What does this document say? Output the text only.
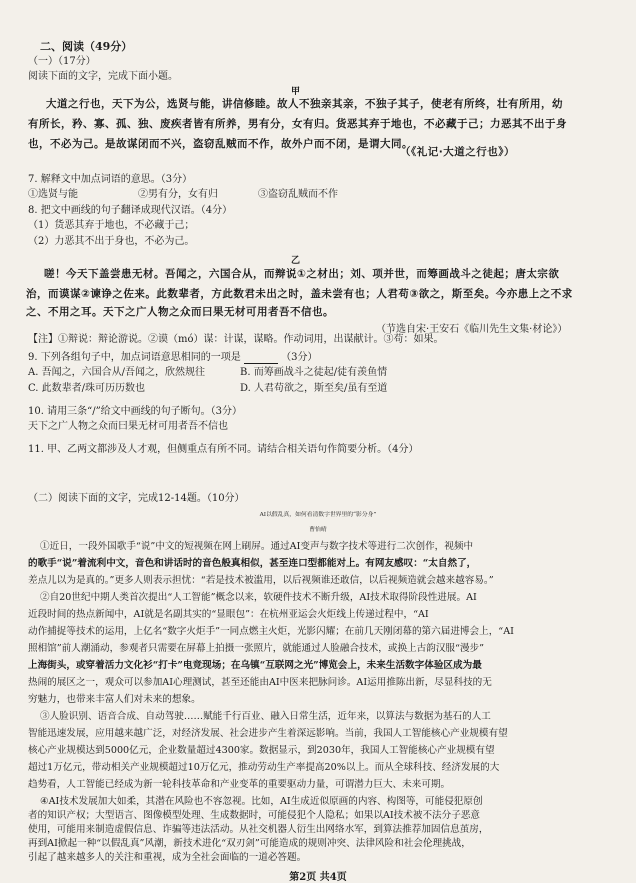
二、阅读（49分）
（一）（17分）
阅读下面的文字，完成下面小题。
甲
大道之行也，天下为公，选贤与能，讲信修睦。故人不独亲其亲，不独子其子，使老有所终，壮有所用，幼
有所长，矜、寡、孤、独、废疾者皆有所养，男有分，女有归。货恶其弃于地也，不必藏于己；力恶其不出于身
也，不必为己。是故谋闭而不兴，盗窃乱贼而不作，故外户而不闭，是谓大同。
（《礼记·大道之行也》）
7. 解释文中加点词语的意思。（3分）
①选贤与能	②男有分，女有归	③盗窃乱贼而不作
8. 把文中画线的句子翻译成现代汉语。（4分）
（1）货恶其弃于地也，不必藏于己；
（2）力恶其不出于身也，不必为己。
乙
嗟！今天下盖尝患无材。吾闻之，六国合从，而辩说①之材出；刘、项并世，而筹画战斗之徒起；唐太宗欲
治，而谟谋②谏诤之佐来。此数辈者，方此数君未出之时，盖未尝有也；人君苟③欲之，斯至矣。今亦患上之不求
之、不用之耳。天下之广人物之众而曰果无材可用者吾不信也。
（节选自宋·王安石《临川先生文集·材论》）
【注】①辩说：辩论游说。②谟（mó）谋：计谋，谋略。作动词用，出谋献计。③苟：如果。
9. 下列各组句子中，加点词语意思相同的一项是	（3分）
A. 吾闻之，六国合从/吾闻之，欣然规往	B. 而筹画战斗之徒起/徒有羡鱼情
C. 此数辈者/珠可历历数也	D. 人君苟欲之，斯至矣/虽有至道
10. 请用三条“/”给文中画线的句子断句。（3分）
天下之广人物之众而曰果无材可用者吾不信也
11. 甲、乙两文都涉及人才观，但侧重点有所不同。请结合相关语句作简要分析。（4分）
（二）阅读下面的文字，完成12-14题。（10分）
AI以假乱真，如何看清数字世界里的“影分身”
曹怡晴
①近日，一段外国歌手“说”中文的短视频在网上刷屏。通过AI变声与数字技术等进行二次创作，视频中
的歌手“说”着流利中文，音色和讲话时的音色般真相似，甚至连口型都能对上。有网友感叹：“太自然了，
差点儿以为是真的。”更多人则表示担忧：“若是技术被滥用，以后视频谁还敢信，以后视频造就会越来越容易。”
②自20世纪中期人类首次提出“人工智能”概念以来，软硬件技术不断升级，AI技术取得阶段性进展。AI
近段时间的热点新闻中，AI就是名副其实的“显眼包”：在杭州亚运会火炬线上传递过程中，“AI
动作捕捉等技术的运用，上亿名“数字火炬手”一同点燃主火炬，光影闪耀；在前几天刚闭幕的第六届进博会上，“AI
照相馆”前人潮涌动，参观者只需要在屏幕上拍摄一张照片，就能通过人脸融合技术，或换上古韵汉服“漫步”
上海街头，或穿着活力文化衫“打卡”电竞现场；在乌镇“互联网之光”博览会上，未来生活数字体验区成为最
热闹的展区之一，观众可以参加AI心理测试，甚至还能由AI中医来把脉问诊。AI运用推陈出新，尽显科技的无
穷魅力，也带来丰富人们对未来的想象。
③人脸识别、语音合成、自动驾驶……赋能千行百业、融入日常生活，近年来，以算法与数据为基石的人工
智能迅速发展，应用越来越广泛，对经济发展、社会进步产生着深远影响。当前，我国人工智能核心产业规模有望
核心产业规模达到5000亿元，企业数量超过4300家。数据显示，到2030年，我国人工智能核心产业规模有望
超过1万亿元，带动相关产业规模超过10万亿元，推动劳动生产率提高20%以上。而从全球科技、经济发展的大
趋势看，人工智能已经成为新一轮科技革命和产业变革的重要驱动力量，可谓潜力巨大、未来可期。
④AI技术发展加大如柔，其潜在风险也不容忽视。比如，AI生成近似原画的内容、构图等，可能侵犯原创
者的知识产权；大型语言、图像模型处理、生成数据时，可能侵犯个人隐私；如果以AI技术被不法分子恶意
使用，可能用来制造虚假信息、诈骗等违法活动。从社交机器人衍生出网络水军，到算法推荐加固信息茧房，
再到AI掀起一种“以假乱真”风潮，新技术进化“双刃剑”可能造成的规则冲突、法律风险和社会伦理挑战，
引起了越来越多人的关注和重视，成为全社会面临的一道必答题。
第2页 共4页
